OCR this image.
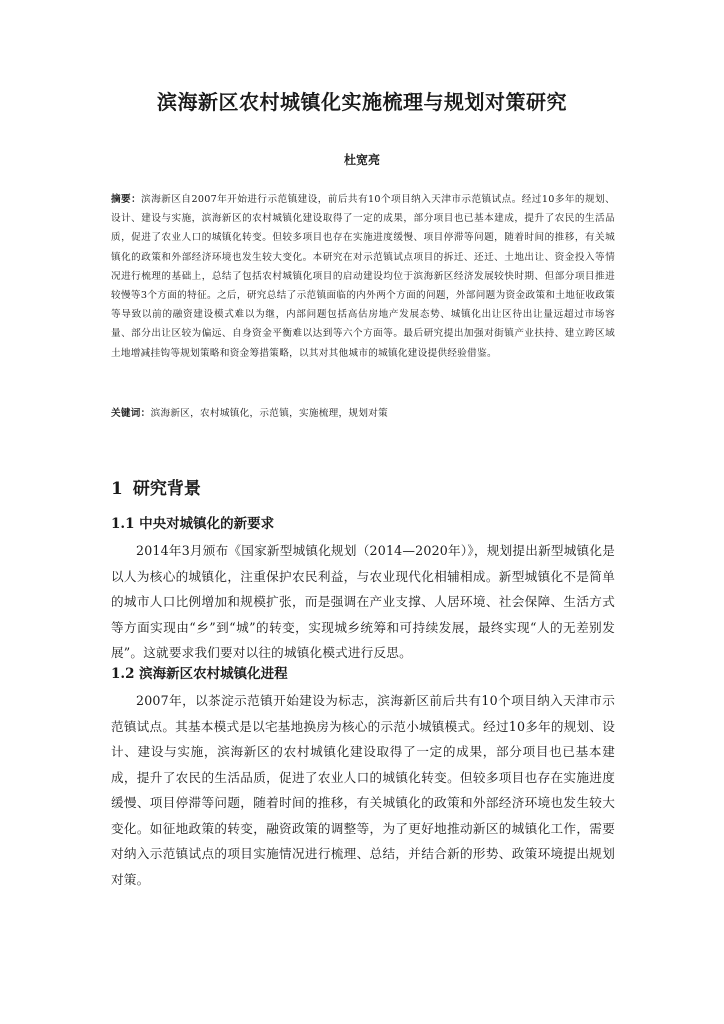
滨海新区农村城镇化实施梳理与规划对策研究
杜宽亮
摘要：滨海新区自2007年开始进行示范镇建设，前后共有10个项目纳入天津市示范镇试点。经过10多年的规划、设计、建设与实施，滨海新区的农村城镇化建设取得了一定的成果，部分项目也已基本建成，提升了农民的生活品质，促进了农业人口的城镇化转变。但较多项目也存在实施进度缓慢、项目停滞等问题，随着时间的推移，有关城镇化的政策和外部经济环境也发生较大变化。本研究在对示范镇试点项目的拆迁、还迁、土地出让、资金投入等情况进行梳理的基础上，总结了包括农村城镇化项目的启动建设均位于滨海新区经济发展较快时期、但部分项目推进较慢等3个方面的特征。之后，研究总结了示范镇面临的内外两个方面的问题，外部问题为资金政策和土地征收政策等导致以前的融资建设模式难以为继，内部问题包括高估房地产发展态势、城镇化出让区待出让量远超过市场容量、部分出让区较为偏远、自身资金平衡难以达到等六个方面等。最后研究提出加强对街镇产业扶持、建立跨区域土地增减挂钩等规划策略和资金筹措策略，以其对其他城市的城镇化建设提供经验借鉴。
关键词：滨海新区，农村城镇化，示范镇，实施梳理，规划对策
1 研究背景
1.1 中央对城镇化的新要求
2014年3月颁布《国家新型城镇化规划（2014—2020年）》，规划提出新型城镇化是以人为核心的城镇化，注重保护农民利益，与农业现代化相辅相成。新型城镇化不是简单的城市人口比例增加和规模扩张，而是强调在产业支撑、人居环境、社会保障、生活方式等方面实现由“乡”到“城”的转变，实现城乡统筹和可持续发展，最终实现“人的无差别发展”。这就要求我们要对以往的城镇化模式进行反思。
1.2 滨海新区农村城镇化进程
2007年，以茶淀示范镇开始建设为标志，滨海新区前后共有10个项目纳入天津市示范镇试点。其基本模式是以宅基地换房为核心的示范小城镇模式。经过10多年的规划、设计、建设与实施，滨海新区的农村城镇化建设取得了一定的成果，部分项目也已基本建成，提升了农民的生活品质，促进了农业人口的城镇化转变。但较多项目也存在实施进度缓慢、项目停滞等问题，随着时间的推移，有关城镇化的政策和外部经济环境也发生较大变化。如征地政策的转变，融资政策的调整等，为了更好地推动新区的城镇化工作，需要对纳入示范镇试点的项目实施情况进行梳理、总结，并结合新的形势、政策环境提出规划对策。
